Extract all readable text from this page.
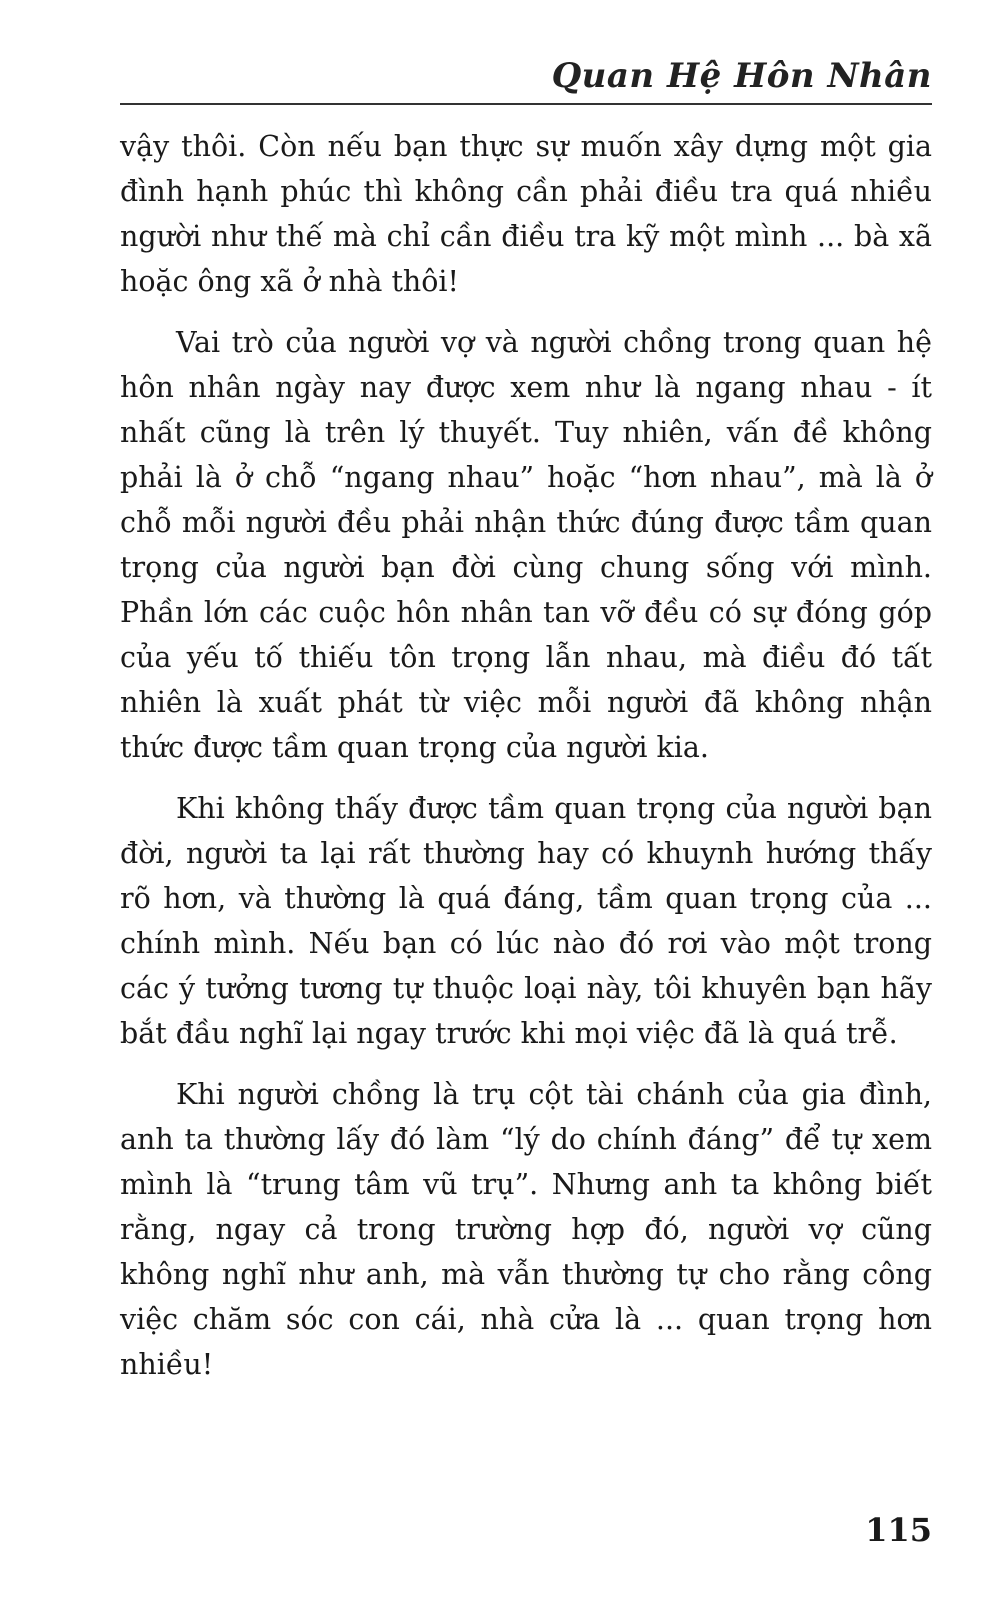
Quan Hệ Hôn Nhân

vậy thôi. Còn nếu bạn thực sự muốn xây dựng một gia đình hạnh phúc thì không cần phải điều tra quá nhiều người như thế mà chỉ cần điều tra kỹ một mình ... bà xã hoặc ông xã ở nhà thôi!

Vai trò của người vợ và người chồng trong quan hệ hôn nhân ngày nay được xem như là ngang nhau - ít nhất cũng là trên lý thuyết. Tuy nhiên, vấn đề không phải là ở chỗ “ngang nhau” hoặc “hơn nhau”, mà là ở chỗ mỗi người đều phải nhận thức đúng được tầm quan trọng của người bạn đời cùng chung sống với mình. Phần lớn các cuộc hôn nhân tan vỡ đều có sự đóng góp của yếu tố thiếu tôn trọng lẫn nhau, mà điều đó tất nhiên là xuất phát từ việc mỗi người đã không nhận thức được tầm quan trọng của người kia.

Khi không thấy được tầm quan trọng của người bạn đời, người ta lại rất thường hay có khuynh hướng thấy rõ hơn, và thường là quá đáng, tầm quan trọng của ... chính mình. Nếu bạn có lúc nào đó rơi vào một trong các ý tưởng tương tự thuộc loại này, tôi khuyên bạn hãy bắt đầu nghĩ lại ngay trước khi mọi việc đã là quá trễ.

Khi người chồng là trụ cột tài chánh của gia đình, anh ta thường lấy đó làm “lý do chính đáng” để tự xem mình là “trung tâm vũ trụ”. Nhưng anh ta không biết rằng, ngay cả trong trường hợp đó, người vợ cũng không nghĩ như anh, mà vẫn thường tự cho rằng công việc chăm sóc con cái, nhà cửa là ... quan trọng hơn nhiều!

115
